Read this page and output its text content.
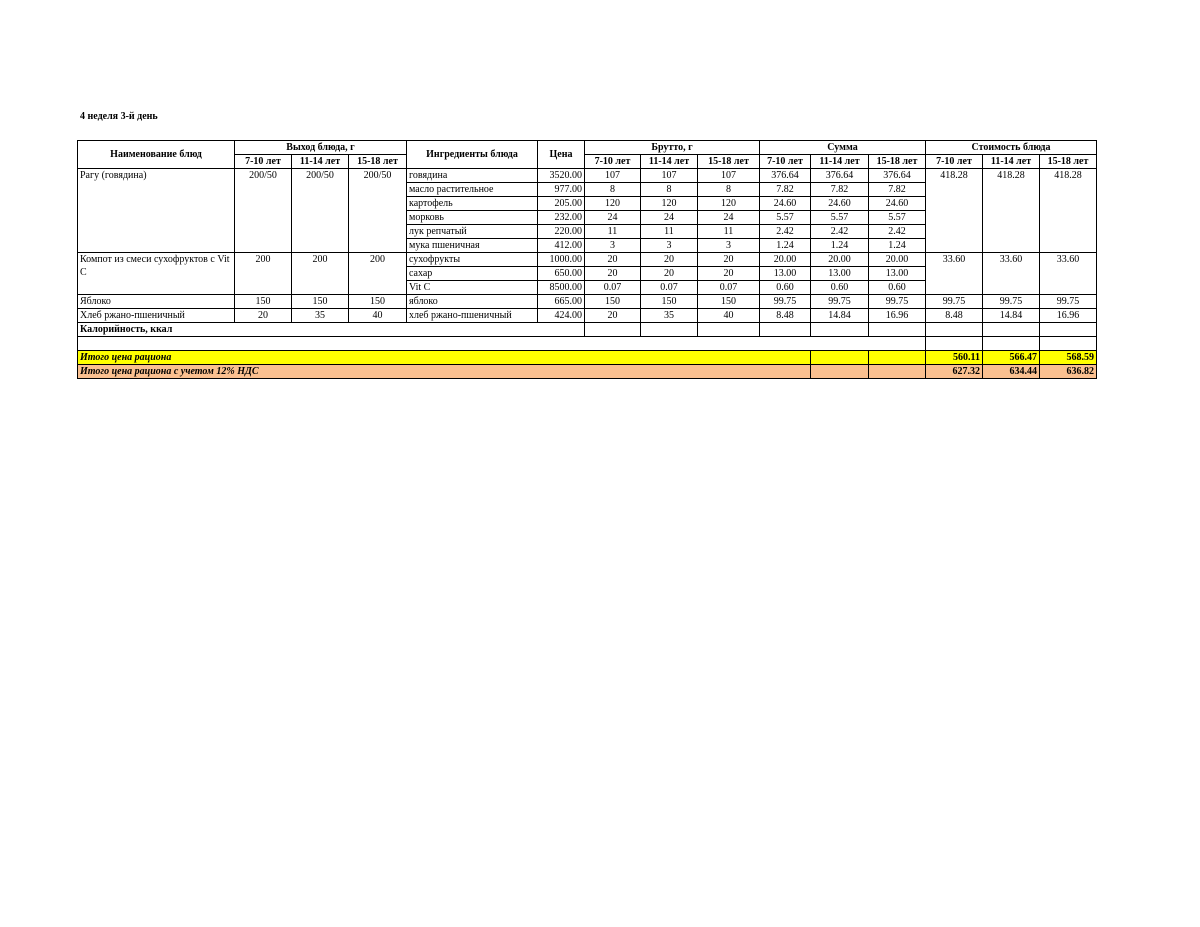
4 неделя 3-й день
Наименование блюд	Выход блюда, г			Ингредиенты блюда	Цена	Брутто, г			Сумма			Стоимость блюда		
	7-10 лет	11-14 лет	15-18 лет			7-10 лет	11-14 лет	15-18 лет	7-10 лет	11-14 лет	15-18 лет	7-10 лет	11-14 лет	15-18 лет
Рагу (говядина)	200/50	200/50	200/50	говядина	3520.00	107	107	107	376.64	376.64	376.64	418.28	418.28	418.28
				масло растительное	977.00	8	8	8	7.82	7.82	7.82			
				картофель	205.00	120	120	120	24.60	24.60	24.60			
				морковь	232.00	24	24	24	5.57	5.57	5.57			
				лук репчатый	220.00	11	11	11	2.42	2.42	2.42			
				мука пшеничная	412.00	3	3	3	1.24	1.24	1.24			
Компот из смеси сухофруктов с Vit C	200	200	200	сухофрукты	1000.00	20	20	20	20.00	20.00	20.00	33.60	33.60	33.60
				сахар	650.00	20	20	20	13.00	13.00	13.00			
				Vit C	8500.00	0.07	0.07	0.07	0.60	0.60	0.60			
Яблоко	150	150	150	яблоко	665.00	150	150	150	99.75	99.75	99.75	99.75	99.75	99.75
Хлеб ржано-пшеничный	20	35	40	хлеб ржано-пшеничный	424.00	20	35	40	8.48	14.84	16.96	8.48	14.84	16.96
Калорийность, ккал														

Итого цена рациона												560.11	566.47	568.59
Итого цена рациона с учетом 12% НДС												627.32	634.44	636.82
